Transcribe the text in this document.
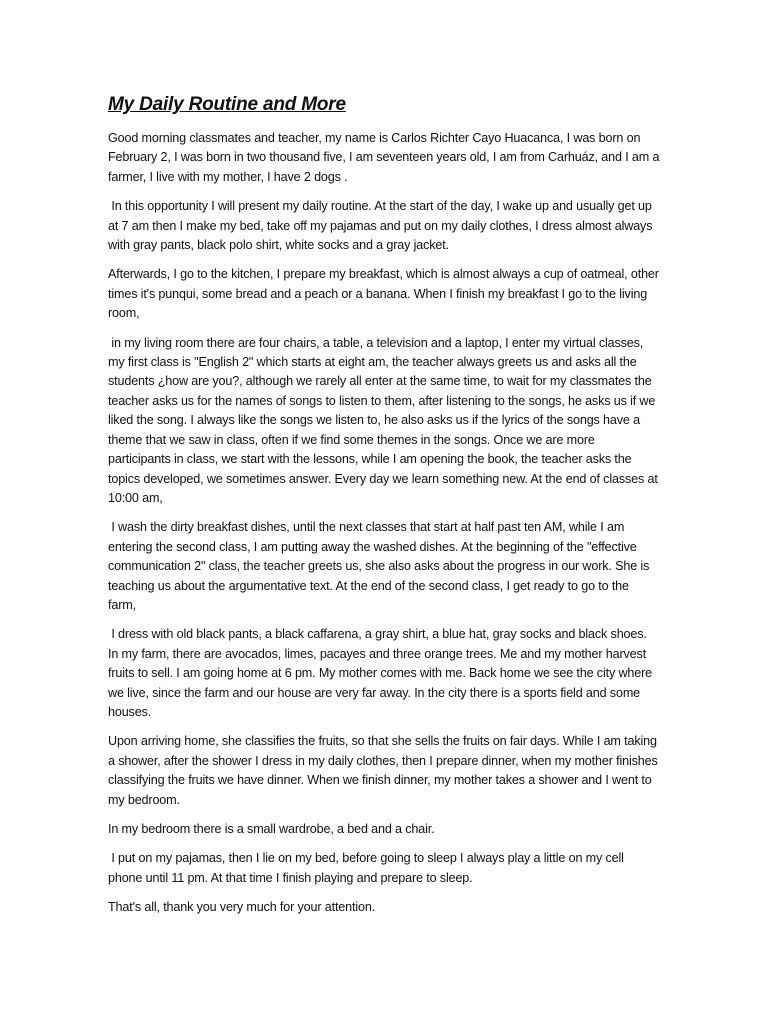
My Daily Routine and More

Good morning classmates and teacher, my name is Carlos Richter Cayo Huacanca, I was born on February 2, I was born in two thousand five, I am seventeen years old, I am from Carhuáz, and I am a farmer, I live with my mother, I have 2 dogs .

In this opportunity I will present my daily routine. At the start of the day, I wake up and usually get up at 7 am then I make my bed, take off my pajamas and put on my daily clothes, I dress almost always with gray pants, black polo shirt, white socks and a gray jacket.

Afterwards, I go to the kitchen, I prepare my breakfast, which is almost always a cup of oatmeal, other times it's punqui, some bread and a peach or a banana. When I finish my breakfast I go to the living room,

in my living room there are four chairs, a table, a television and a laptop, I enter my virtual classes, my first class is "English 2" which starts at eight am, the teacher always greets us and asks all the students ¿how are you?, although we rarely all enter at the same time, to wait for my classmates the teacher asks us for the names of songs to listen to them, after listening to the songs, he asks us if we liked the song. I always like the songs we listen to, he also asks us if the lyrics of the songs have a theme that we saw in class, often if we find some themes in the songs. Once we are more participants in class, we start with the lessons, while I am opening the book, the teacher asks the topics developed, we sometimes answer. Every day we learn something new. At the end of classes at 10:00 am,

I wash the dirty breakfast dishes, until the next classes that start at half past ten AM, while I am entering the second class, I am putting away the washed dishes. At the beginning of the "effective communication 2" class, the teacher greets us, she also asks about the progress in our work. She is teaching us about the argumentative text. At the end of the second class, I get ready to go to the farm,

I dress with old black pants, a black caffarena, a gray shirt, a blue hat, gray socks and black shoes. In my farm, there are avocados, limes, pacayes and three orange trees. Me and my mother harvest fruits to sell. I am going home at 6 pm. My mother comes with me. Back home we see the city where we live, since the farm and our house are very far away. In the city there is a sports field and some houses.

Upon arriving home, she classifies the fruits, so that she sells the fruits on fair days. While I am taking a shower, after the shower I dress in my daily clothes, then I prepare dinner, when my mother finishes classifying the fruits we have dinner. When we finish dinner, my mother takes a shower and I went to my bedroom.

In my bedroom there is a small wardrobe, a bed and a chair.

I put on my pajamas, then I lie on my bed, before going to sleep I always play a little on my cell phone until 11 pm. At that time I finish playing and prepare to sleep.

That's all, thank you very much for your attention.
